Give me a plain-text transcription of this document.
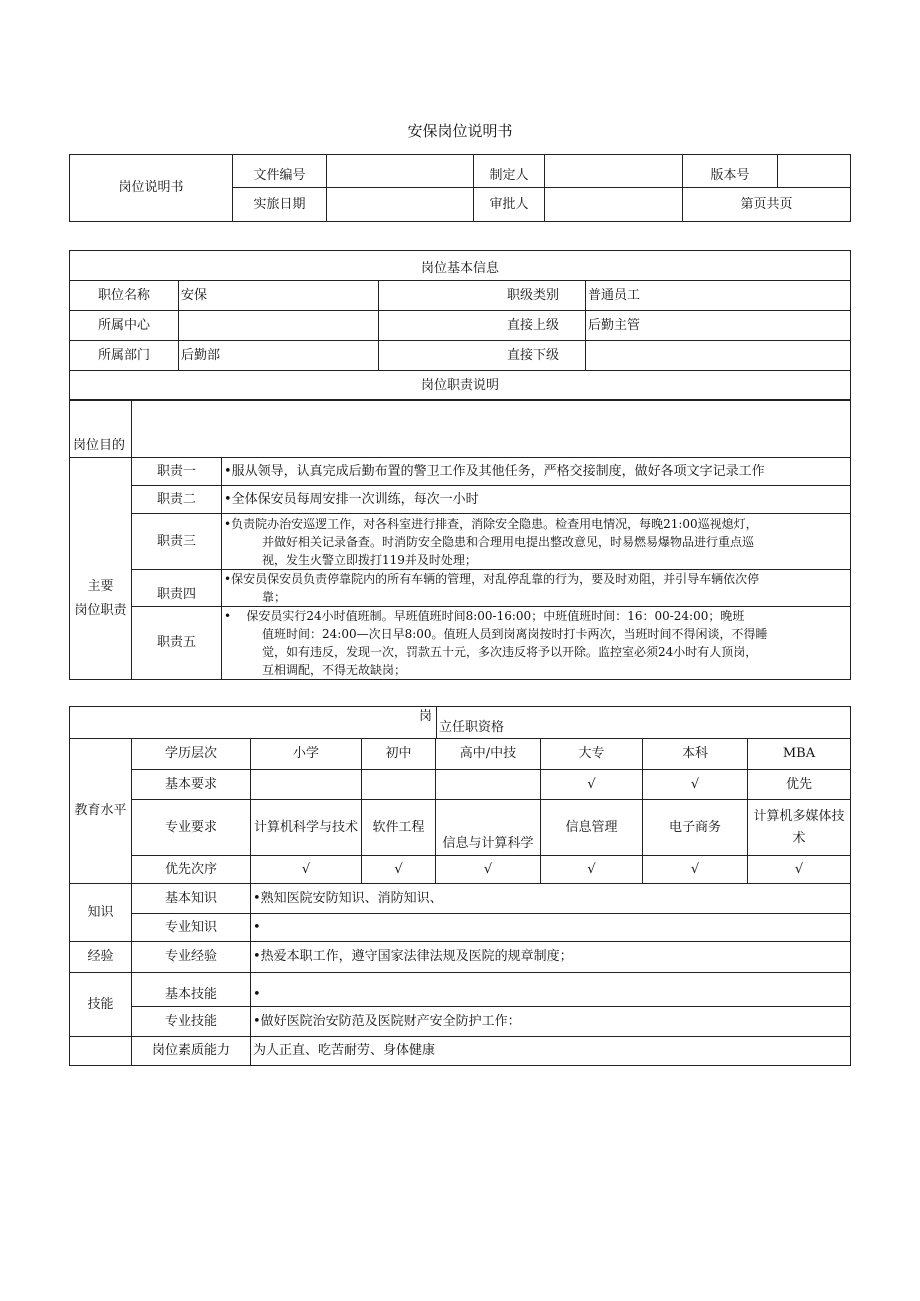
安保岗位说明书
岗位说明书	文件编号		制定人		版本号	
	实旅日期		审批人		第页共页	
岗位基本信息			
职位名称	安保	职级类别	普通员工
所属中心		直接上级	后勤主管
所属部门	后勤部	直接下级	
岗位职责说明			
岗位目的		

主要
岗位职责	职责一	•服从领导，认真完成后勤布置的警卫工作及其他任务，严格交接制度，做好各项文字记录工作
	职责二	•全体保安员每周安排一次训练，每次一小时
	职责三	•负责院办治安巡逻工作，对各科室进行排查，消除安全隐患。检查用电情况，每晚21:00巡视熄灯，
并做好相关记录备查。时消防安全隐患和合理用电提出整改意见，时易燃易爆物品进行重点巡
视，发生火警立即拨打119并及时处理；

	职责四	•保安员保安员负责停靠院内的所有车辆的管理，对乱停乱靠的行为，要及时劝阻，并引导车辆依次停
靠；

	职责五	•    保安员实行24小时值班制。早班值班时间8:00-16:00；中班值班时间：16：00-24:00；晚班
值班时间：24:00—次日早8:00。值班人员到岗离岗按时打卡两次，当班时间不得闲谈，不得睡
觉，如有违反，发现一次，罚款五十元，多次违反将予以开除。监控室必须24小时有人顶岗，
互相调配，不得无故缺岗；
岗
立任职资格							

教育水平	学历层次	小学	初中	高中/中技	大专	本科	MBA
	基本要求				√	√	优先
	专业要求	计算机科学与技术	软件工程	信息与计算科学	信息管理	电子商务	计算机多媒体技术
	优先次序	√	√	√	√	√	√
知识	基本知识	•熟知医院安防知识、消防知识、					
	专业知识	•					
经验	专业经验	•热爱本职工作，遵守国家法律法规及医院的规章制度；					
技能	基本技能	•					
	专业技能	•做好医院治安防范及医院财产安全防护工作：					
	岗位素质能力	为人正直、吃苦耐劳、身体健康					
